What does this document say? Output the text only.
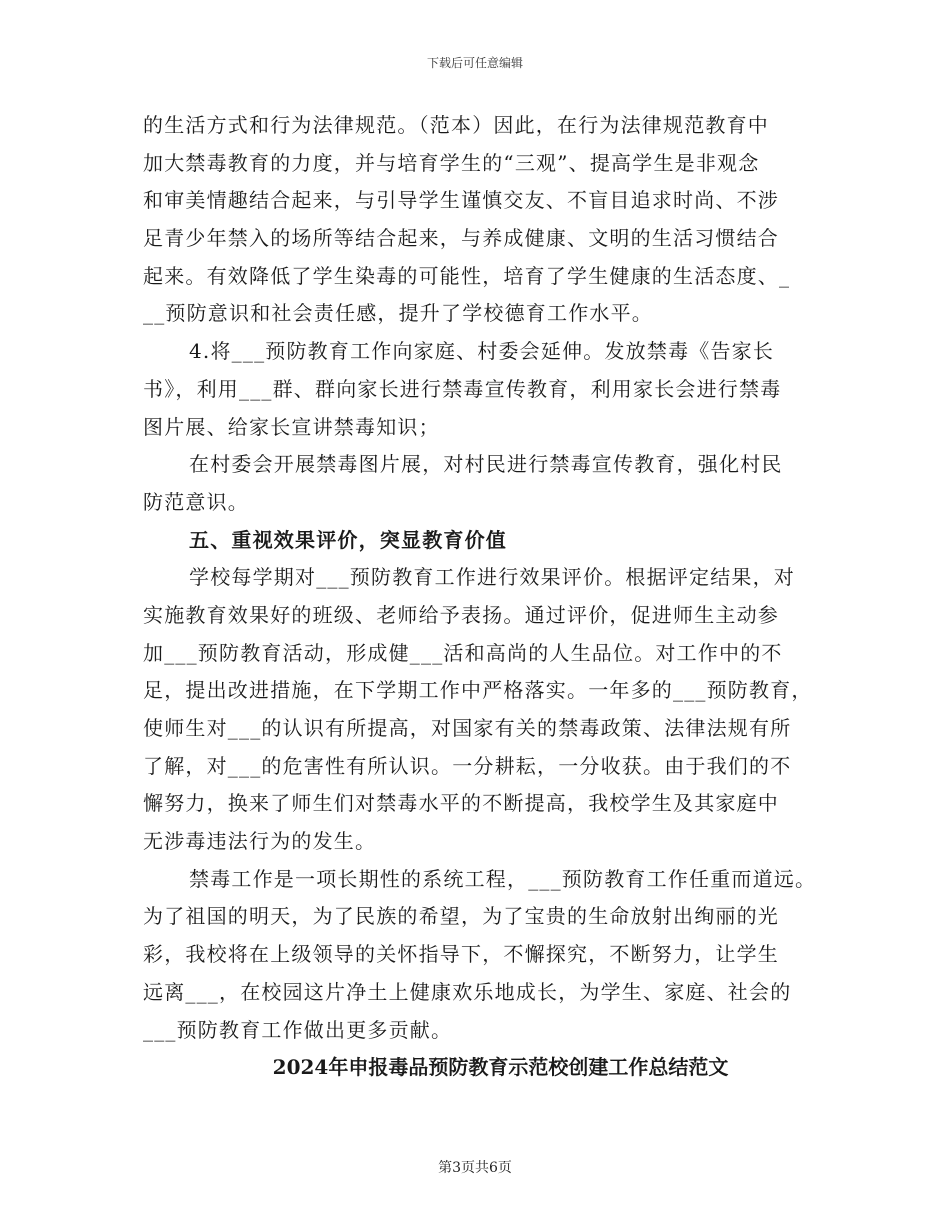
下载后可任意编辑
的生活方式和行为法律规范。（范本）因此，在行为法律规范教育中
加大禁毒教育的力度，并与培育学生的“三观”、提高学生是非观念
和审美情趣结合起来，与引导学生谨慎交友、不盲目追求时尚、不涉
足青少年禁入的场所等结合起来，与养成健康、文明的生活习惯结合
起来。有效降低了学生染毒的可能性，培育了学生健康的生活态度、_
__预防意识和社会责任感，提升了学校德育工作水平。
4.将___预防教育工作向家庭、村委会延伸。发放禁毒《告家长
书》，利用___群、群向家长进行禁毒宣传教育，利用家长会进行禁毒
图片展、给家长宣讲禁毒知识；
在村委会开展禁毒图片展，对村民进行禁毒宣传教育，强化村民
防范意识。
五、重视效果评价，突显教育价值
学校每学期对___预防教育工作进行效果评价。根据评定结果，对
实施教育效果好的班级、老师给予表扬。通过评价，促进师生主动参
加___预防教育活动，形成健___活和高尚的人生品位。对工作中的不
足，提出改进措施，在下学期工作中严格落实。一年多的___预防教育，
使师生对___的认识有所提高，对国家有关的禁毒政策、法律法规有所
了解，对___的危害性有所认识。一分耕耘，一分收获。由于我们的不
懈努力，换来了师生们对禁毒水平的不断提高，我校学生及其家庭中
无涉毒违法行为的发生。
禁毒工作是一项长期性的系统工程，___预防教育工作任重而道远。
为了祖国的明天，为了民族的希望，为了宝贵的生命放射出绚丽的光
彩，我校将在上级领导的关怀指导下，不懈探究，不断努力，让学生
远离___，在校园这片净土上健康欢乐地成长，为学生、家庭、社会的
___预防教育工作做出更多贡献。
2024年申报毒品预防教育示范校创建工作总结范文
第3页共6页
